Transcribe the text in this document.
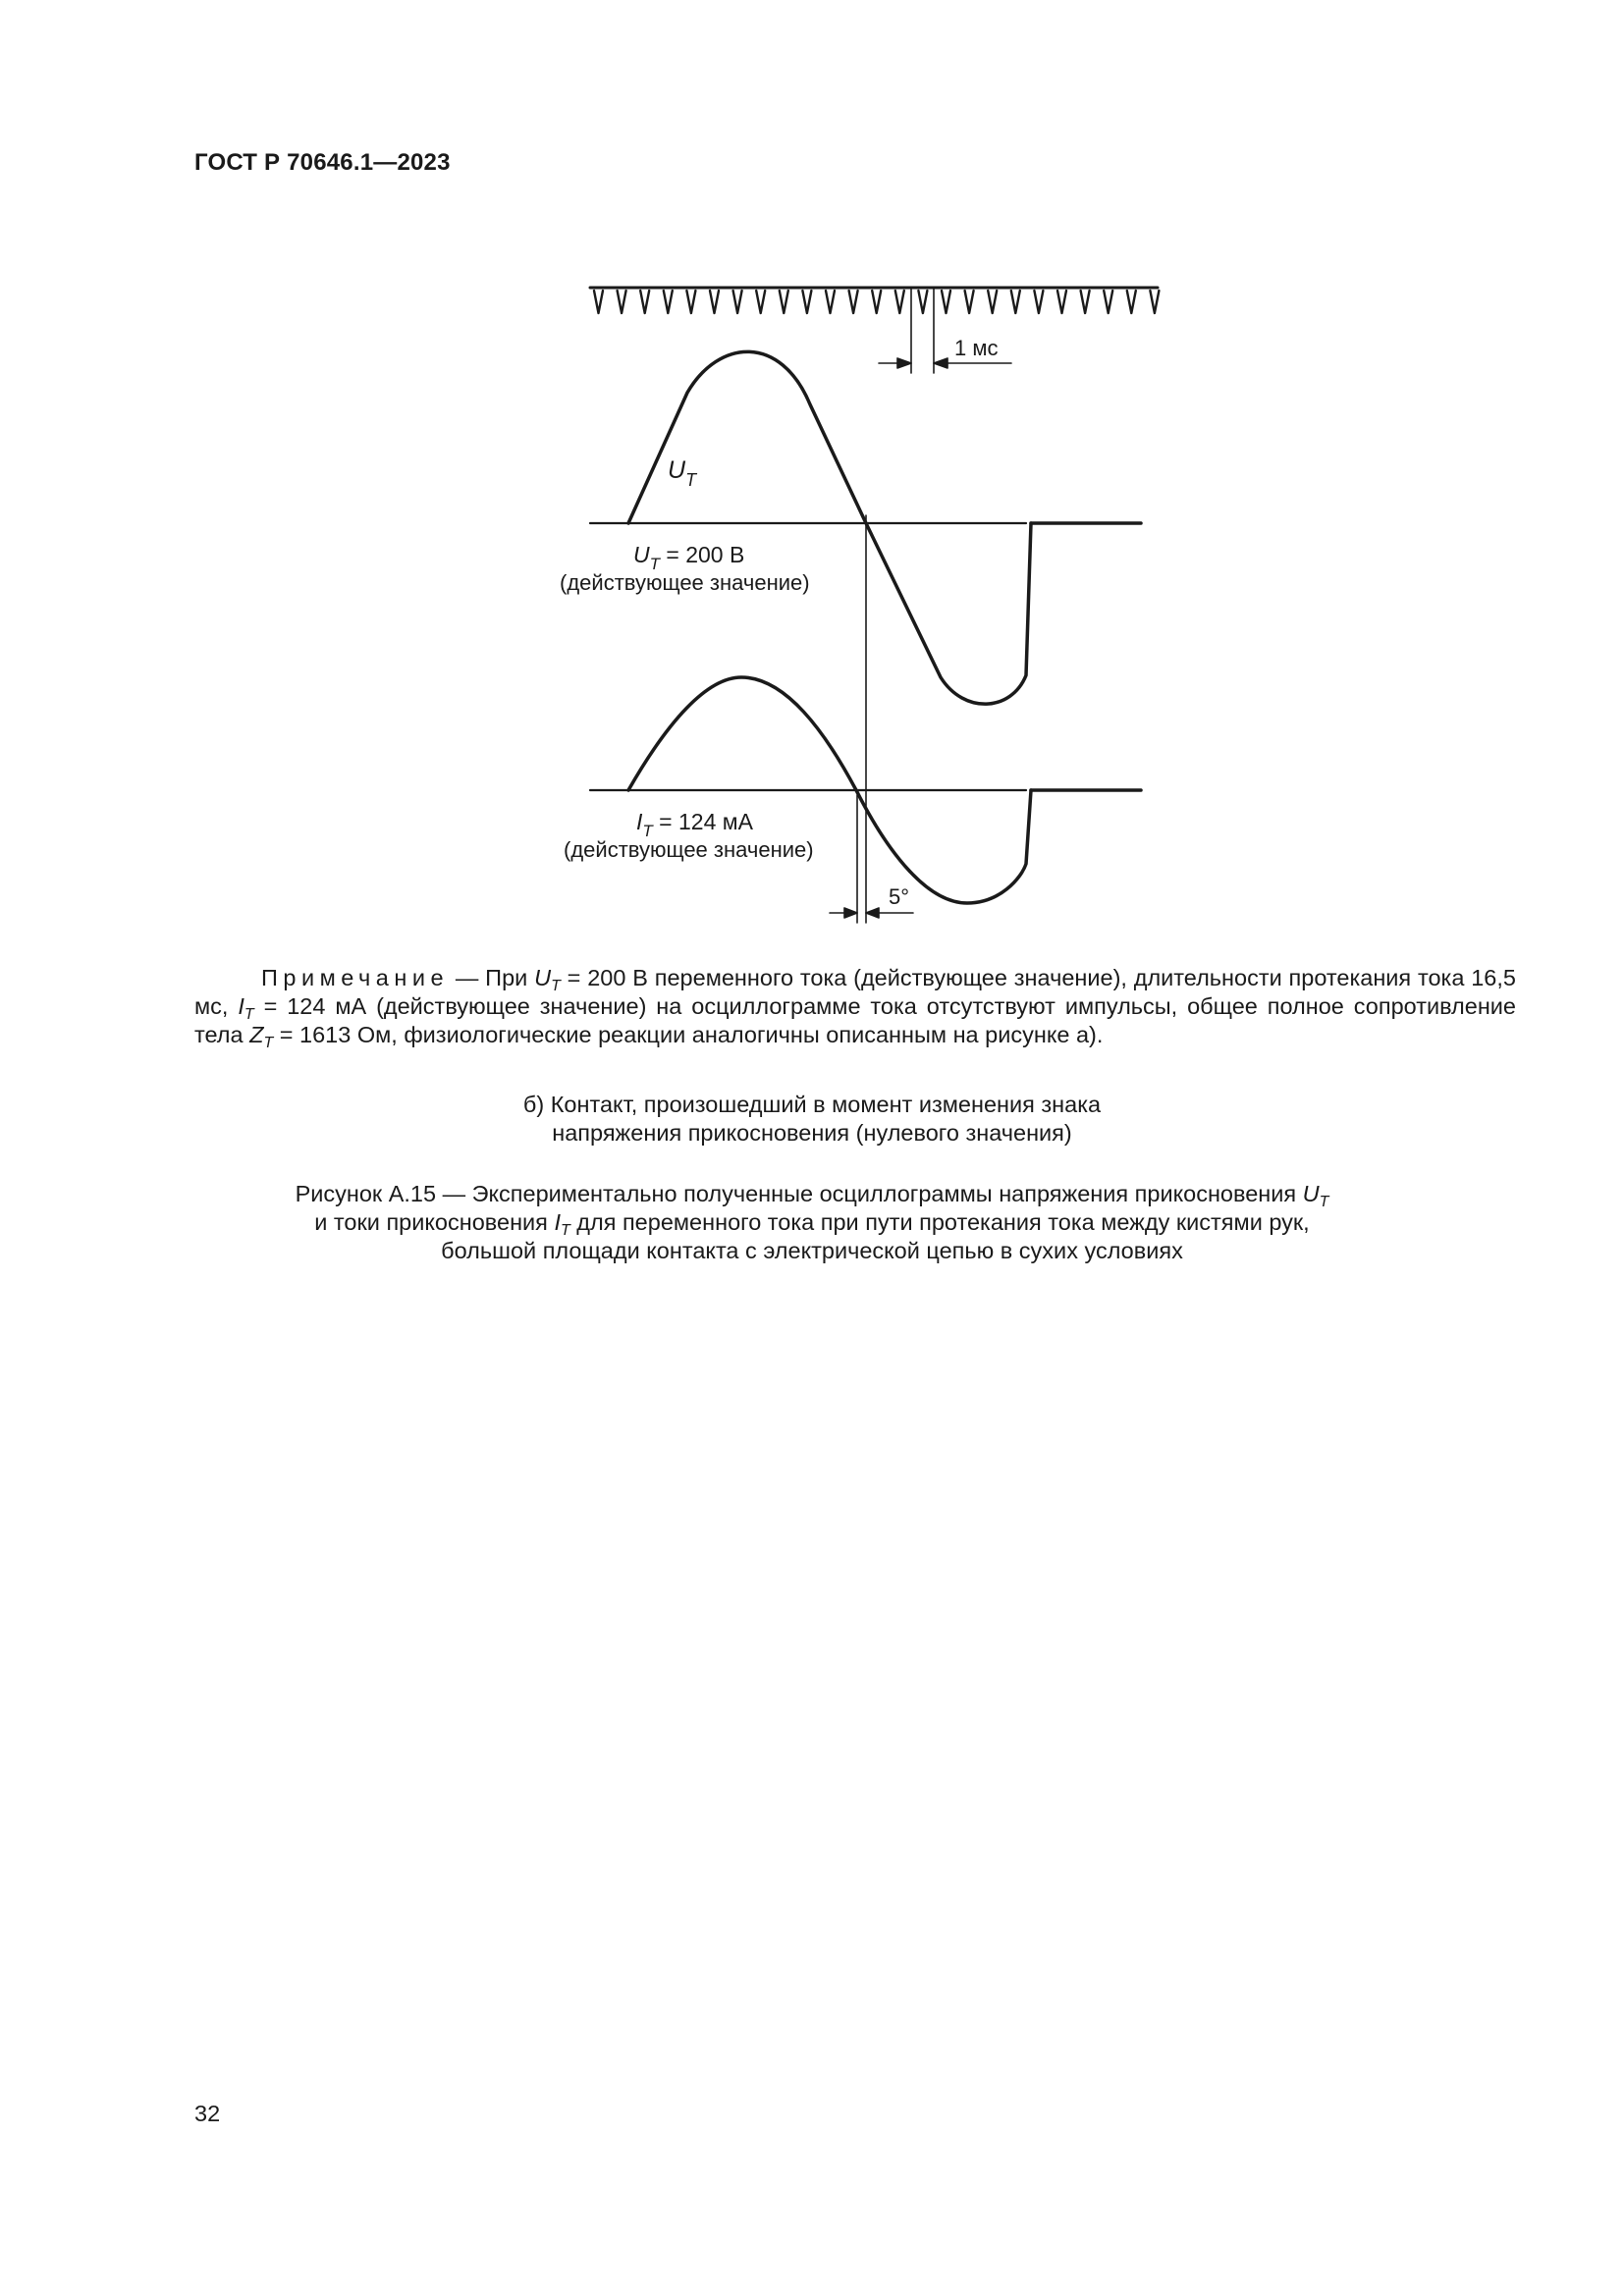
ГОСТ Р 70646.1—2023
1 мс
$U_T$
$U_T = 200$ В
(действующее значение)
$I_T = 124$ мА
(действующее значение)
5°
Примечание — При $U_T = 200$ В переменного тока (действующее значение), длительности протекания тока 16,5 мс, $I_T = 124$ мА (действующее значение) на осциллограмме тока отсутствуют импульсы, общее полное сопротивление тела $Z_T = 1613$ Ом, физиологические реакции аналогичны описанным на рисунке а).
б) Контакт, произошедший в момент изменения знака
напряжения прикосновения (нулевого значения)
Рисунок А.15 — Экспериментально полученные осциллограммы напряжения прикосновения $U_T$
и токи прикосновения $I_T$ для переменного тока при пути протекания тока между кистями рук,
большой площади контакта с электрической цепью в сухих условиях
32
